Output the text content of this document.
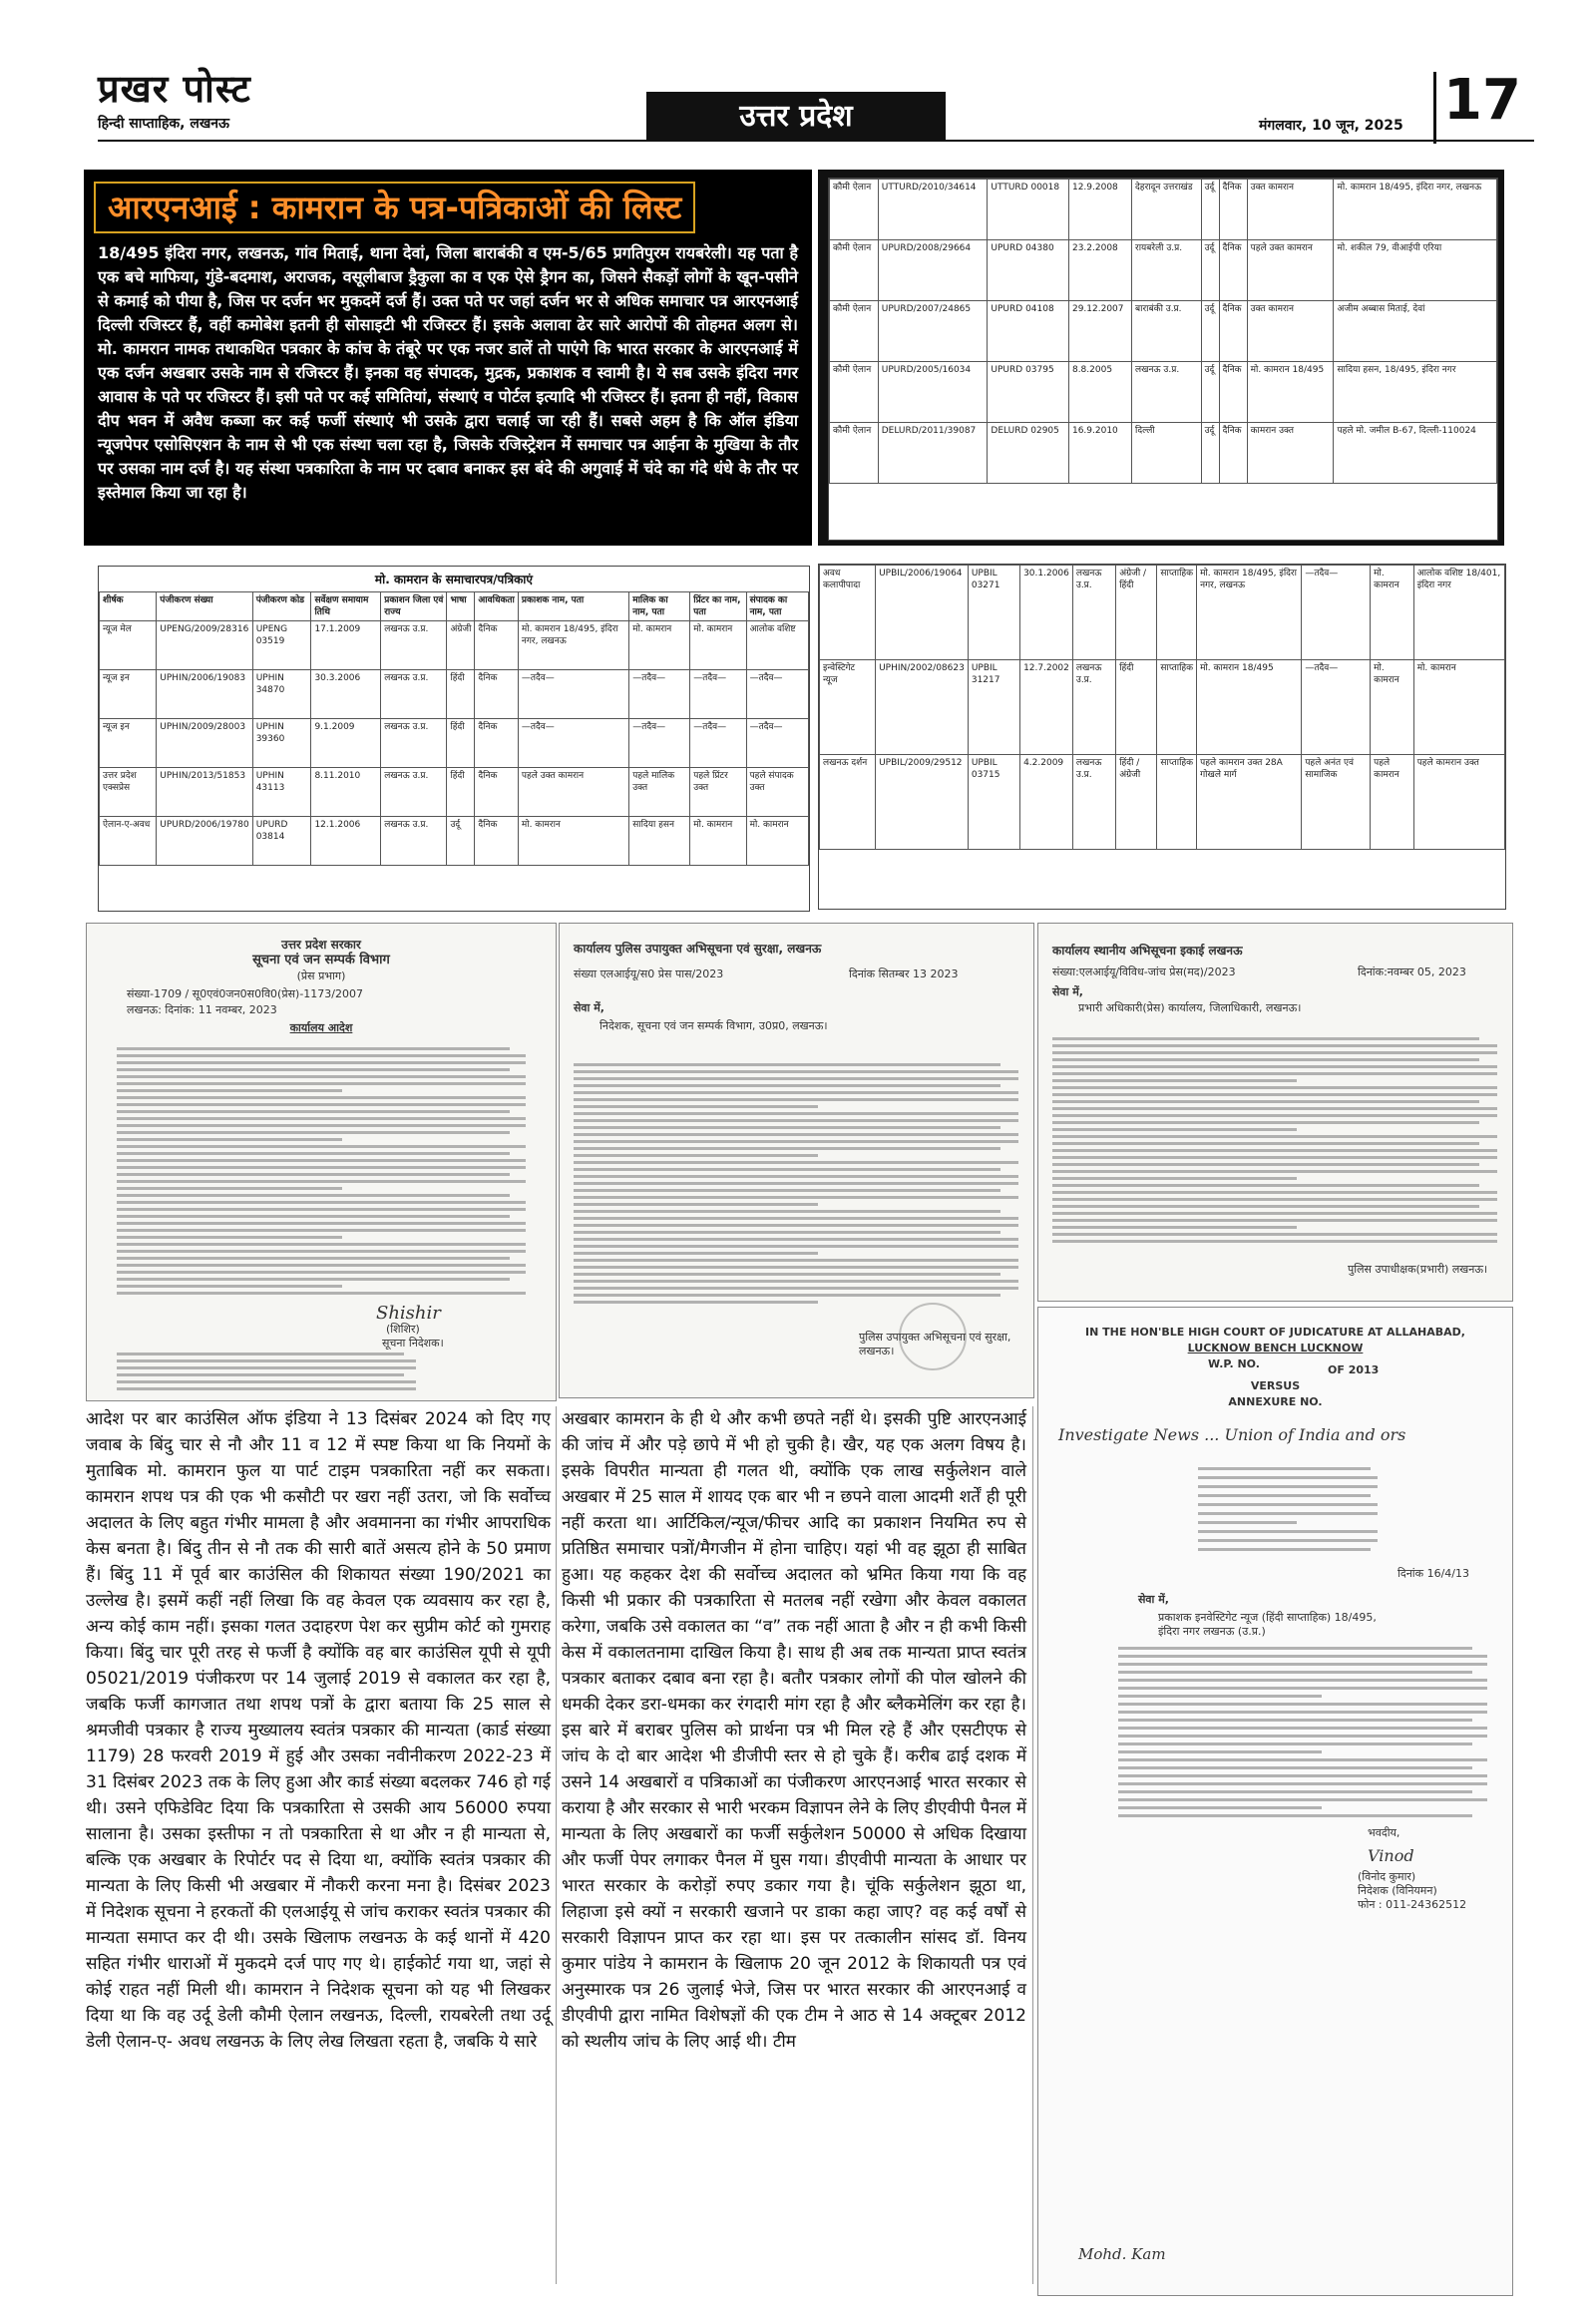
प्रखर पोस्ट
हिन्दी साप्ताहिक, लखनऊ	उत्तर प्रदेश	मंगलवार, 10 जून, 2025 17
आरएनआई : कामरान के पत्र-पत्रिकाओं की लिस्ट
18/495 इंदिरा नगर, लखनऊ, गांव मिताई, थाना देवां, जिला बाराबंकी व एम-5/65 प्रगतिपुरम रायबरेली। यह पता है एक बचे माफिया, गुंडे-बदमाश, अराजक, वसूलीबाज ड्रैकुला का व एक ऐसे ड्रैगन का, जिसने सैकड़ों लोगों के खून-पसीने से कमाई को पीया है, जिस पर दर्जन भर मुकदमें दर्ज हैं। उक्त पते पर जहां दर्जन भर से अधिक समाचार पत्र आरएनआई दिल्ली रजिस्टर हैं, वहीं कमोबेश इतनी ही सोसाइटी भी रजिस्टर हैं। इसके अलावा ढेर सारे आरोपों की तोहमत अलग से। मो. कामरान नामक तथाकथित पत्रकार के कांच के तंबूरे पर एक नजर डालें तो पाएंगे कि भारत सरकार के आरएनआई में एक दर्जन अखबार उसके नाम से रजिस्टर हैं। इनका वह संपादक, मुद्रक, प्रकाशक व स्वामी है। ये सब उसके इंदिरा नगर आवास के पते पर रजिस्टर हैं। इसी पते पर कई समितियां, संस्थाएं व पोर्टल इत्यादि भी रजिस्टर हैं। इतना ही नहीं, विकास दीप भवन में अवैध कब्जा कर कई फर्जी संस्थाएं भी उसके द्वारा चलाई जा रही हैं। सबसे अहम है कि ऑल इंडिया न्यूजपेपर एसोसिएशन के नाम से भी एक संस्था चला रहा है, जिसके रजिस्ट्रेशन में समाचार पत्र आईना के मुखिया के तौर पर उसका नाम दर्ज है। यह संस्था पत्रकारिता के नाम पर दबाव बनाकर इस बंदे की अगुवाई में चंदे का गंदे धंधे के तौर पर इस्तेमाल किया जा रहा है।
कौमी ऐलान	UTTURD/2010/34614	UTTURD 00018	12.9.2008	देहरादून उत्तराखंड	उर्दू	दैनिक	उक्त कामरान	मो. कामरान 18/495, इंदिरा नगर, लखनऊ
कौमी ऐलान	UPURD/2008/29664	UPURD 04380	23.2.2008	रायबरेली उ.प्र.	उर्दू	दैनिक	पहले उक्त कामरान	मो. शकील 79, वीआईपी एरिया
कौमी ऐलान	UPURD/2007/24865	UPURD 04108	29.12.2007	बाराबंकी उ.प्र.	उर्दू	दैनिक	उक्त कामरान	अजीम अब्बास मिताई, देवां
कौमी ऐलान	UPURD/2005/16034	UPURD 03795	8.8.2005	लखनऊ उ.प्र.	उर्दू	दैनिक	मो. कामरान 18/495	सादिया हसन, 18/495, इंदिरा नगर
कौमी ऐलान	DELURD/2011/39087	DELURD 02905	16.9.2010	दिल्ली	उर्दू	दैनिक	कामरान उक्त	पहले मो. जमील B-67, दिल्ली-110024
मो. कामरान के समाचारपत्र/पत्रिकाएं
शीर्षक	पंजीकरण संख्या	पंजीकरण कोड	सर्वेक्षण समायाम तिथि	प्रकाशन जिला एवं राज्य	भाषा	आवधिकता	प्रकाशक नाम, पता	मालिक का नाम, पता	प्रिंटर का नाम, पता	संपादक का नाम, पता
न्यूज मेल	UPENG/2009/28316	UPENG 03519	17.1.2009	लखनऊ उ.प्र.	अंग्रेजी	दैनिक	मो. कामरान 18/495, इंदिरा नगर, लखनऊ	मो. कामरान	मो. कामरान	आलोक वशिष्ट
न्यूज इन	UPHIN/2006/19083	UPHIN 34870	30.3.2006	लखनऊ उ.प्र.	हिंदी	दैनिक	—तदैव—	—तदैव—	—तदैव—	—तदैव—
न्यूज इन	UPHIN/2009/28003	UPHIN 39360	9.1.2009	लखनऊ उ.प्र.	हिंदी	दैनिक	—तदैव—	—तदैव—	—तदैव—	—तदैव—
उत्तर प्रदेश एक्सप्रेस	UPHIN/2013/51853	UPHIN 43113	8.11.2010	लखनऊ उ.प्र.	हिंदी	दैनिक	पहले उक्त कामरान	पहले मालिक उक्त	पहले प्रिंटर उक्त	पहले संपादक उक्त
ऐलान-ए-अवध	UPURD/2006/19780	UPURD 03814	12.1.2006	लखनऊ उ.प्र.	उर्दू	दैनिक	मो. कामरान	सादिया हसन	मो. कामरान	मो. कामरान
अवध कलापीपादा	UPBIL/2006/19064	UPBIL 03271	30.1.2006	लखनऊ उ.प्र.	अंग्रेजी / हिंदी	साप्ताहिक	मो. कामरान 18/495, इंदिरा नगर, लखनऊ	—तदैव—	मो. कामरान	आलोक वशिष्ट 18/401, इंदिरा नगर
इन्वेस्टिगेट न्यूज	UPHIN/2002/08623	UPBIL 31217	12.7.2002	लखनऊ उ.प्र.	हिंदी	साप्ताहिक	मो. कामरान 18/495	—तदैव—	मो. कामरान	मो. कामरान
लखनऊ दर्शन	UPBIL/2009/29512	UPBIL 03715	4.2.2009	लखनऊ उ.प्र.	हिंदी / अंग्रेजी	साप्ताहिक	पहले कामरान उक्त 28A गोखले मार्ग	पहले अनंत एवं सामाजिक	पहले कामरान	पहले कामरान उक्त
उत्तर प्रदेश सरकार
सूचना एवं जन सम्पर्क विभाग
(प्रेस प्रभाग)
संख्या-1709 / सू0एवं0जन0स0वि0(प्रेस)-1173/2007
लखनऊ: दिनांक: 11 नवम्बर, 2023
कार्यालय आदेश
Shishir
(शिशिर)
सूचना निदेशक।
कार्यालय पुलिस उपायुक्त अभिसूचना एवं सुरक्षा, लखनऊ
संख्या एलआईयू/स0 प्रेस पास/2023	दिनांक सितम्बर 13 2023
सेवा में,
निदेशक, सूचना एवं जन सम्पर्क विभाग, उ0प्र0, लखनऊ।
पुलिस उपायुक्त अभिसूचना एवं सुरक्षा, लखनऊ।
कार्यालय स्थानीय अभिसूचना इकाई लखनऊ
संख्या:एलआईयू/विविध-जांच प्रेस(मद)/2023	दिनांक:नवम्बर 05, 2023
सेवा में,
प्रभारी अधिकारी(प्रेस) कार्यालय, जिलाधिकारी, लखनऊ।
पुलिस उपाधीक्षक(प्रभारी) लखनऊ।
आदेश पर बार काउंसिल ऑफ इंडिया ने 13 दिसंबर 2024 को दिए गए जवाब के बिंदु चार से नौ और 11 व 12 में स्पष्ट किया था कि नियमों के मुताबिक मो. कामरान फुल या पार्ट टाइम पत्रकारिता नहीं कर सकता। कामरान शपथ पत्र की एक भी कसौटी पर खरा नहीं उतरा, जो कि सर्वोच्च अदालत के लिए बहुत गंभीर मामला है और अवमानना का गंभीर आपराधिक केस बनता है। बिंदु तीन से नौ तक की सारी बातें असत्य होने के 50 प्रमाण हैं। बिंदु 11 में पूर्व बार काउंसिल की शिकायत संख्या 190/2021 का उल्लेख है। इसमें कहीं नहीं लिखा कि वह केवल एक व्यवसाय कर रहा है, अन्य कोई काम नहीं। इसका गलत उदाहरण पेश कर सुप्रीम कोर्ट को गुमराह किया। बिंदु चार पूरी तरह से फर्जी है क्योंकि वह बार काउंसिल यूपी से यूपी 05021/2019 पंजीकरण पर 14 जुलाई 2019 से वकालत कर रहा है, जबकि फर्जी कागजात तथा शपथ पत्रों के द्वारा बताया कि 25 साल से श्रमजीवी पत्रकार है राज्य मुख्यालय स्वतंत्र पत्रकार की मान्यता (कार्ड संख्या 1179) 28 फरवरी 2019 में हुई और उसका नवीनीकरण 2022-23 में 31 दिसंबर 2023 तक के लिए हुआ और कार्ड संख्या बदलकर 746 हो गई थी। उसने एफिडेविट दिया कि पत्रकारिता से उसकी आय 56000 रुपया सालाना है। उसका इस्तीफा न तो पत्रकारिता से था और न ही मान्यता से, बल्कि एक अखबार के रिपोर्टर पद से दिया था, क्योंकि स्वतंत्र पत्रकार की मान्यता के लिए किसी भी अखबार में नौकरी करना मना है। दिसंबर 2023 में निदेशक सूचना ने हरकतों की एलआईयू से जांच कराकर स्वतंत्र पत्रकार की मान्यता समाप्त कर दी थी। उसके खिलाफ लखनऊ के कई थानों में 420 सहित गंभीर धाराओं में मुकदमे दर्ज पाए गए थे। हाईकोर्ट गया था, जहां से कोई राहत नहीं मिली थी। कामरान ने निदेशक सूचना को यह भी लिखकर दिया था कि वह उर्दू डेली कौमी ऐलान लखनऊ, दिल्ली, रायबरेली तथा उर्दू डेली ऐलान-ए- अवध लखनऊ के लिए लेख लिखता रहता है, जबकि ये सारे
अखबार कामरान के ही थे और कभी छपते नहीं थे। इसकी पुष्टि आरएनआई की जांच में और पड़े छापे में भी हो चुकी है। खैर, यह एक अलग विषय है। इसके विपरीत मान्यता ही गलत थी, क्योंकि एक लाख सर्कुलेशन वाले अखबार में 25 साल में शायद एक बार भी न छपने वाला आदमी शर्तें ही पूरी नहीं करता था। आर्टिकिल/न्यूज/फीचर आदि का प्रकाशन नियमित रुप से प्रतिष्ठित समाचार पत्रों/मैगजीन में होना चाहिए। यहां भी वह झूठा ही साबित हुआ। यह कहकर देश की सर्वोच्च अदालत को भ्रमित किया गया कि वह किसी भी प्रकार की पत्रकारिता से मतलब नहीं रखेगा और केवल वकालत करेगा, जबकि उसे वकालत का “व” तक नहीं आता है और न ही कभी किसी केस में वकालतनामा दाखिल किया है। साथ ही अब तक मान्यता प्राप्त स्वतंत्र पत्रकार बताकर दबाव बना रहा है। बतौर पत्रकार लोगों की पोल खोलने की धमकी देकर डरा-धमका कर रंगदारी मांग रहा है और ब्लैकमेलिंग कर रहा है। इस बारे में बराबर पुलिस को प्रार्थना पत्र भी मिल रहे हैं और एसटीएफ से जांच के दो बार आदेश भी डीजीपी स्तर से हो चुके हैं। करीब ढाई दशक में उसने 14 अखबारों व पत्रिकाओं का पंजीकरण आरएनआई भारत सरकार से कराया है और सरकार से भारी भरकम विज्ञापन लेने के लिए डीएवीपी पैनल में मान्यता के लिए अखबारों का फर्जी सर्कुलेशन 50000 से अधिक दिखाया और फर्जी पेपर लगाकर पैनल में घुस गया। डीएवीपी मान्यता के आधार पर भारत सरकार के करोड़ों रुपए डकार गया है। चूंकि सर्कुलेशन झूठा था, लिहाजा इसे क्यों न सरकारी खजाने पर डाका कहा जाए? वह कई वर्षों से सरकारी विज्ञापन प्राप्त कर रहा था। इस पर तत्कालीन सांसद डॉ. विनय कुमार पांडेय ने कामरान के खिलाफ 20 जून 2012 के शिकायती पत्र एवं अनुस्मारक पत्र 26 जुलाई भेजे, जिस पर भारत सरकार की आरएनआई व डीएवीपी द्वारा नामित विशेषज्ञों की एक टीम ने आठ से 14 अक्टूबर 2012 को स्थलीय जांच के लिए आई थी। टीम
IN THE HON'BLE HIGH COURT OF JUDICATURE AT ALLAHABAD,
LUCKNOW BENCH LUCKNOW
W.P. NO.	OF 2013
VERSUS
ANNEXURE NO.
Investigate News ... Union of India and ors
दिनांक 16/4/13
सेवा में,
प्रकाशक इनवेस्टिगेट न्यूज (हिंदी साप्ताहिक) 18/495, इंदिरा नगर लखनऊ (उ.प्र.)
भवदीय,
Vinod
(विनोद कुमार)
निदेशक (विनियमन)
फोन : 011-24362512
Mohd. Kam
